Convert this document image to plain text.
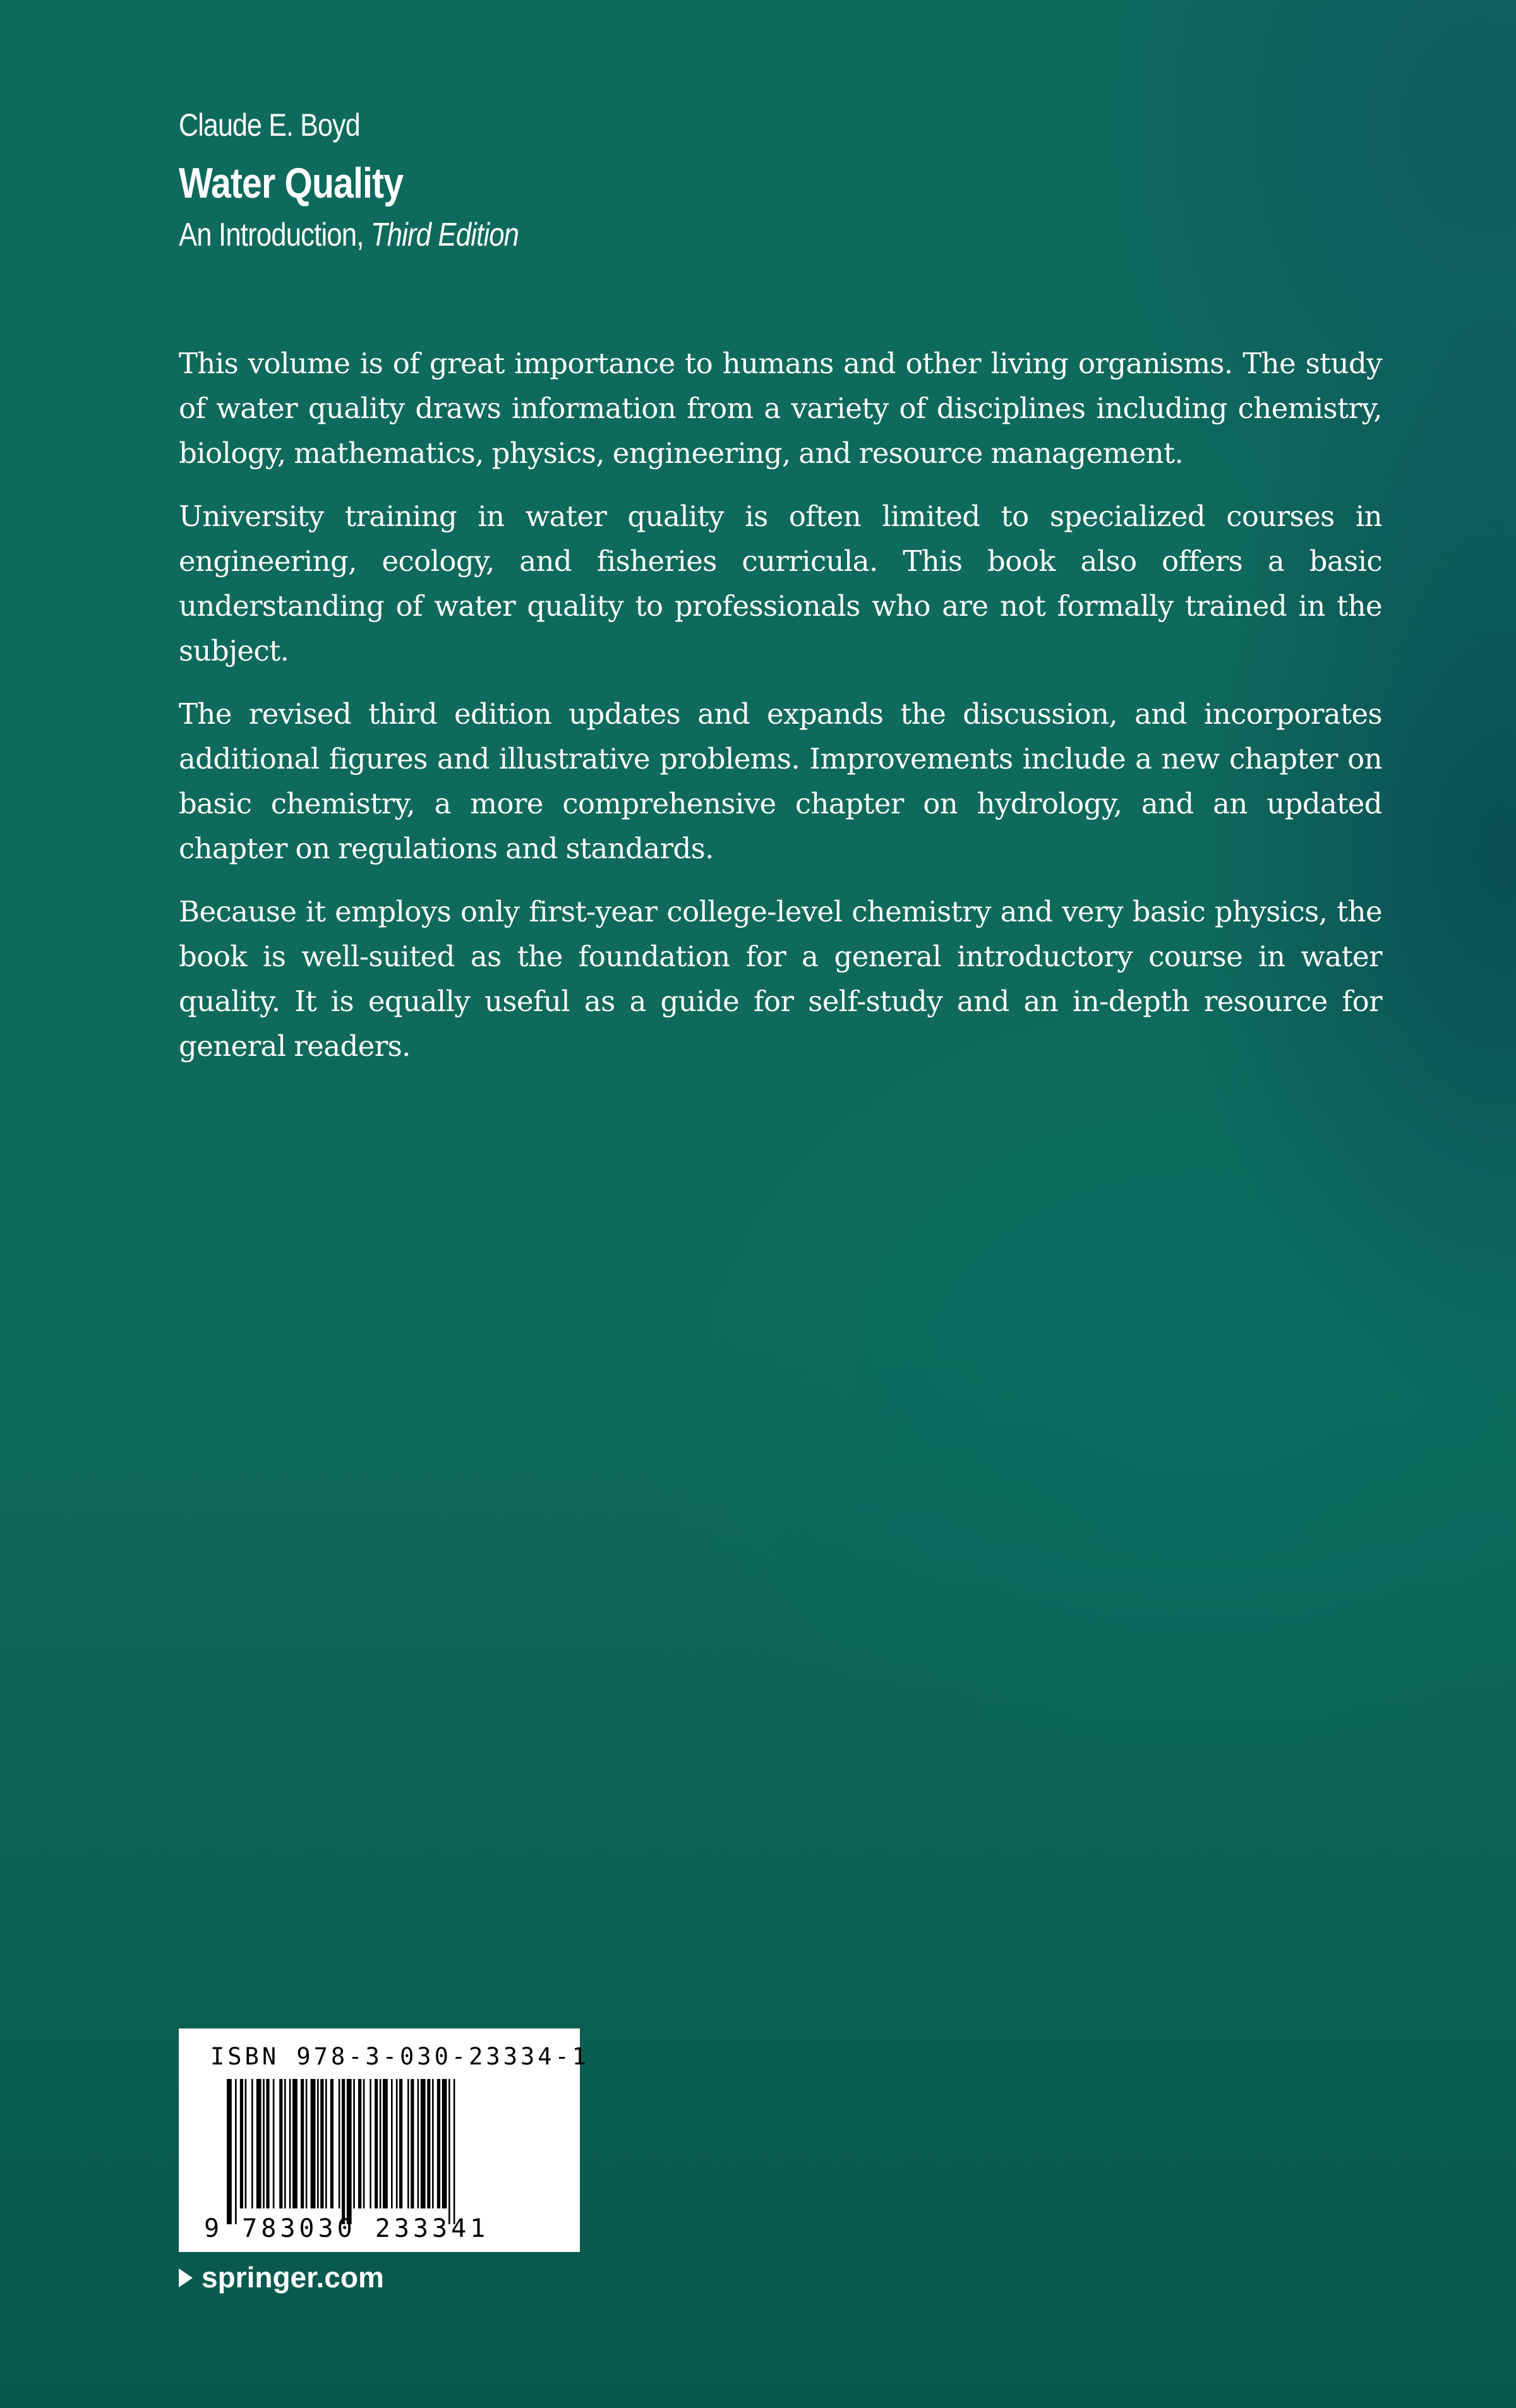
Claude E. Boyd
Water Quality
An Introduction, Third Edition

This volume is of great importance to humans and other living organisms. The study of water quality draws information from a variety of disciplines including chemistry, biology, mathematics, physics, engineering, and resource management.

University training in water quality is often limited to specialized courses in engineering, ecology, and fisheries curricula. This book also offers a basic understanding of water quality to professionals who are not formally trained in the subject.

The revised third edition updates and expands the discussion, and incorporates additional figures and illustrative problems. Improvements include a new chapter on basic chemistry, a more comprehensive chapter on hydrology, and an updated chapter on regulations and standards.

Because it employs only first-year college-level chemistry and very basic physics, the book is well-suited as the foundation for a general introductory course in water quality. It is equally useful as a guide for self-study and an in-depth resource for general readers.

ISBN 978-3-030-23334-1
9 783030 233341
springer.com
